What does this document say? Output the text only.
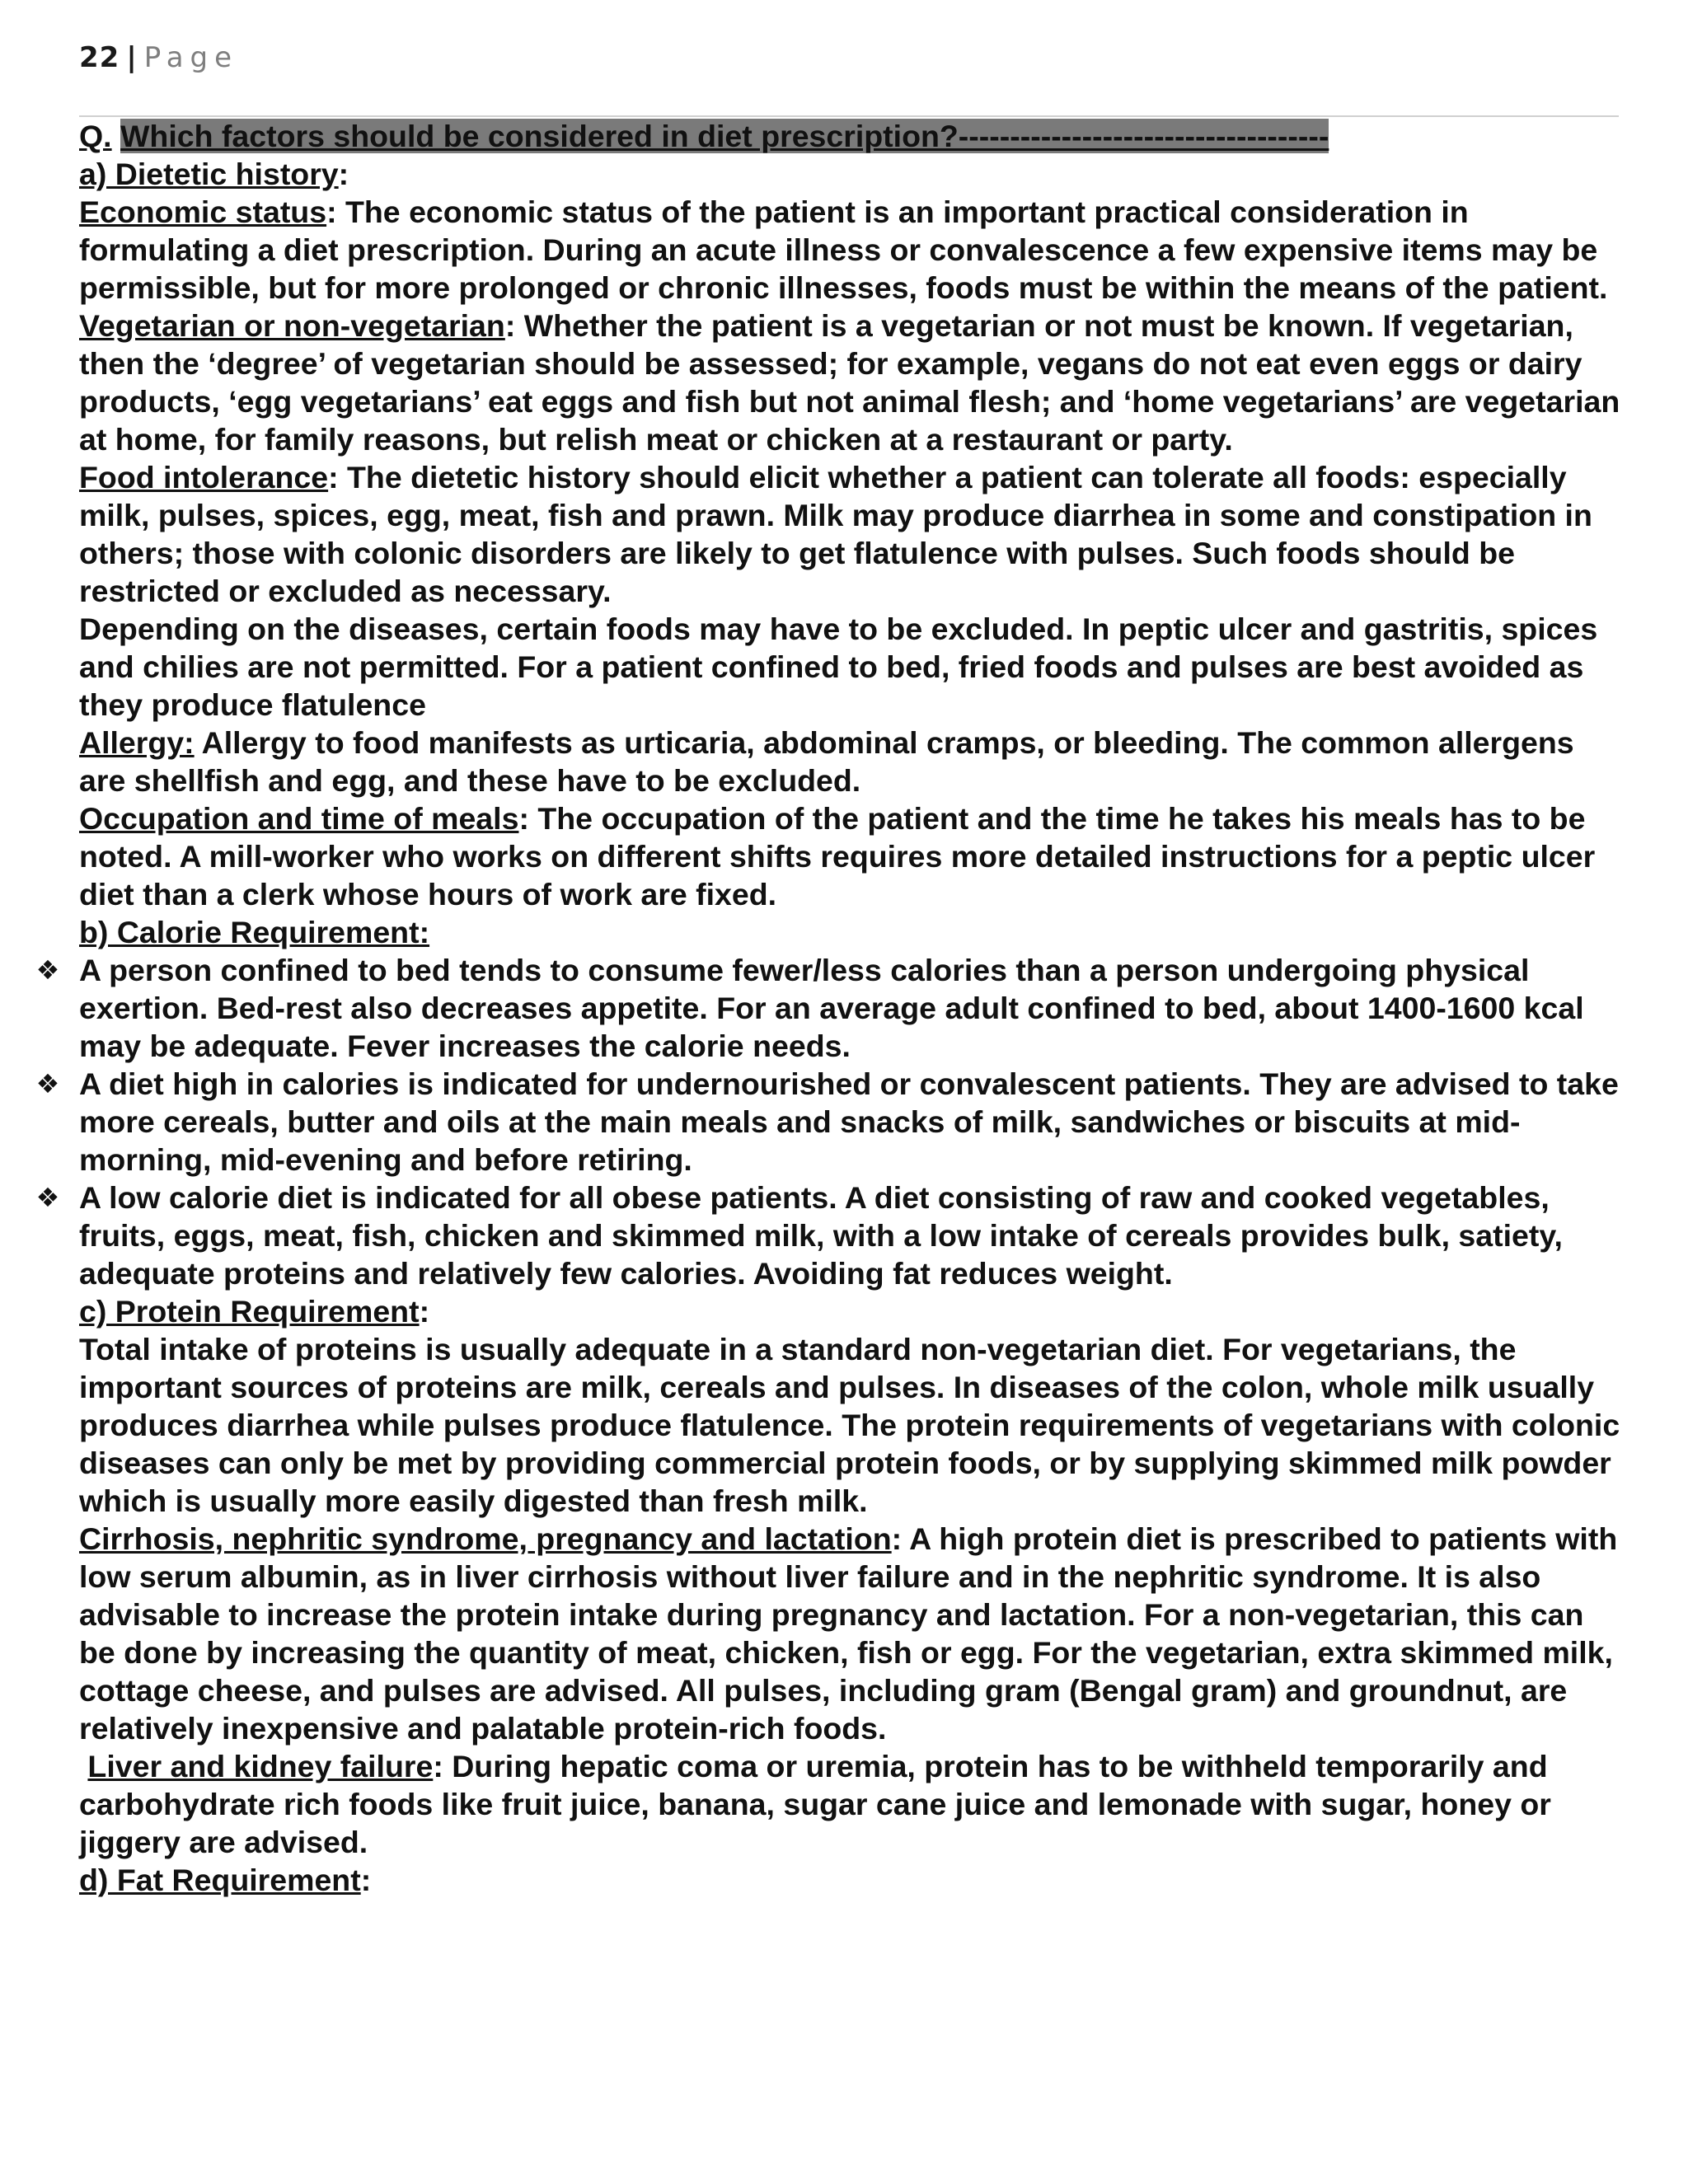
22 | Page

Q. Which factors should be considered in diet prescription?------------------------------------

a) Dietetic history:

Economic status: The economic status of the patient is an important practical consideration in formulating a diet prescription. During an acute illness or convalescence a few expensive items may be permissible, but for more prolonged or chronic illnesses, foods must be within the means of the patient.

Vegetarian or non-vegetarian: Whether the patient is a vegetarian or not must be known. If vegetarian, then the ‘degree’ of vegetarian should be assessed; for example, vegans do not eat even eggs or dairy products, ‘egg vegetarians’ eat eggs and fish but not animal flesh; and ‘home vegetarians’ are vegetarian at home, for family reasons, but relish meat or chicken at a restaurant or party.

Food intolerance: The dietetic history should elicit whether a patient can tolerate all foods: especially milk, pulses, spices, egg, meat, fish and prawn. Milk may produce diarrhea in some and constipation in others; those with colonic disorders are likely to get flatulence with pulses. Such foods should be restricted or excluded as necessary.

Depending on the diseases, certain foods may have to be excluded. In peptic ulcer and gastritis, spices and chilies are not permitted. For a patient confined to bed, fried foods and pulses are best avoided as they produce flatulence

Allergy: Allergy to food manifests as urticaria, abdominal cramps, or bleeding. The common allergens are shellfish and egg, and these have to be excluded.

Occupation and time of meals: The occupation of the patient and the time he takes his meals has to be noted. A mill-worker who works on different shifts requires more detailed instructions for a peptic ulcer diet than a clerk whose hours of work are fixed.

b) Calorie Requirement:

❖ A person confined to bed tends to consume fewer/less calories than a person undergoing physical exertion. Bed-rest also decreases appetite. For an average adult confined to bed, about 1400-1600 kcal may be adequate. Fever increases the calorie needs.

❖ A diet high in calories is indicated for undernourished or convalescent patients. They are advised to take more cereals, butter and oils at the main meals and snacks of milk, sandwiches or biscuits at mid-morning, mid-evening and before retiring.

❖ A low calorie diet is indicated for all obese patients. A diet consisting of raw and cooked vegetables, fruits, eggs, meat, fish, chicken and skimmed milk, with a low intake of cereals provides bulk, satiety, adequate proteins and relatively few calories. Avoiding fat reduces weight.

c) Protein Requirement:

Total intake of proteins is usually adequate in a standard non-vegetarian diet. For vegetarians, the important sources of proteins are milk, cereals and pulses. In diseases of the colon, whole milk usually produces diarrhea while pulses produce flatulence. The protein requirements of vegetarians with colonic diseases can only be met by providing commercial protein foods, or by supplying skimmed milk powder which is usually more easily digested than fresh milk.

Cirrhosis, nephritic syndrome, pregnancy and lactation: A high protein diet is prescribed to patients with low serum albumin, as in liver cirrhosis without liver failure and in the nephritic syndrome. It is also advisable to increase the protein intake during pregnancy and lactation. For a non-vegetarian, this can be done by increasing the quantity of meat, chicken, fish or egg. For the vegetarian, extra skimmed milk, cottage cheese, and pulses are advised. All pulses, including gram (Bengal gram) and groundnut, are relatively inexpensive and palatable protein-rich foods.

Liver and kidney failure: During hepatic coma or uremia, protein has to be withheld temporarily and carbohydrate rich foods like fruit juice, banana, sugar cane juice and lemonade with sugar, honey or jiggery are advised.

d) Fat Requirement:
